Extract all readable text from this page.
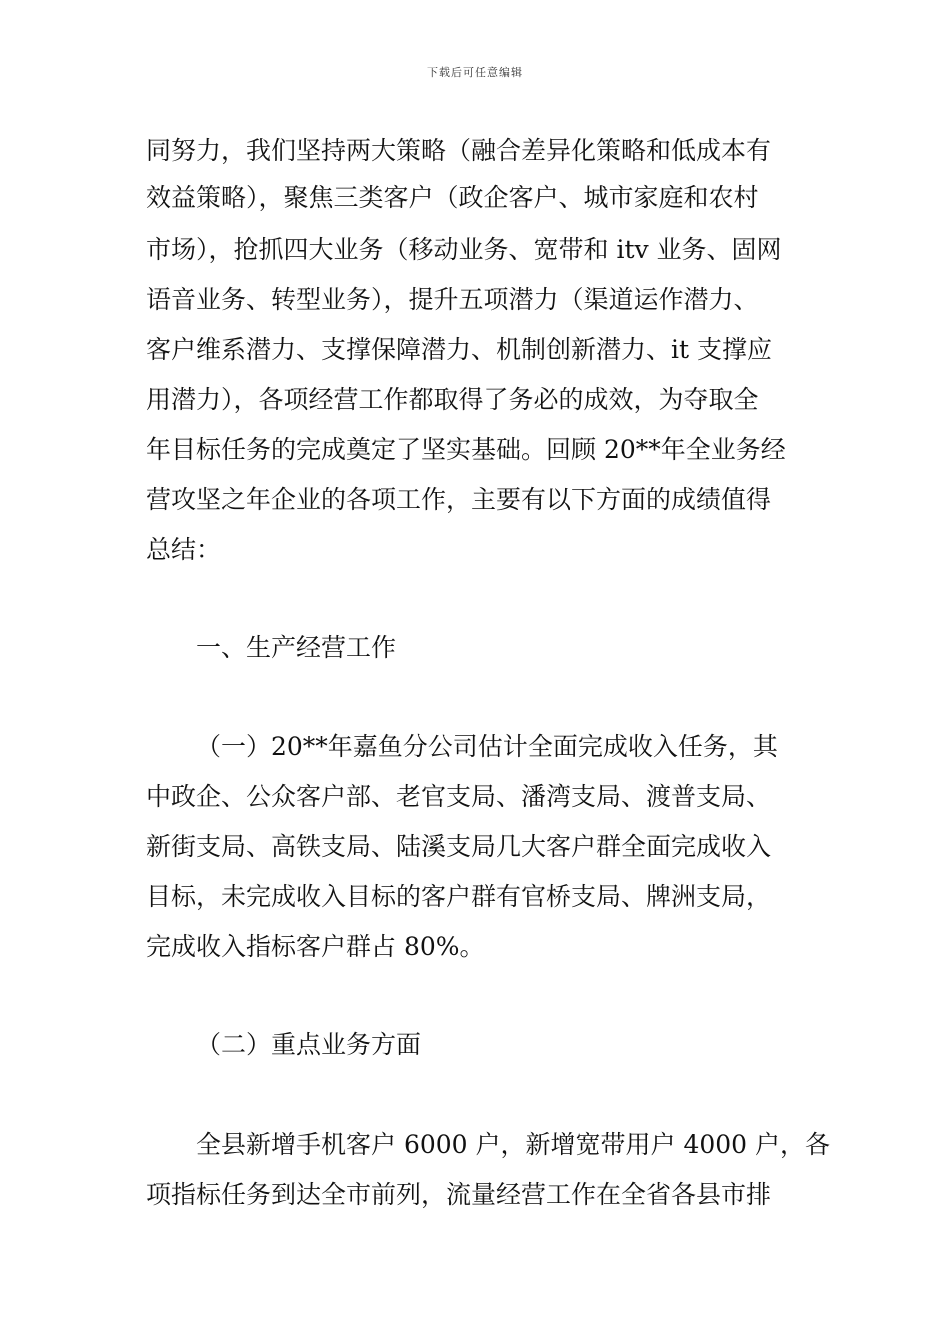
下载后可任意编辑
同努力，我们坚持两大策略（融合差异化策略和低成本有
效益策略），聚焦三类客户（政企客户、城市家庭和农村
市场），抢抓四大业务（移动业务、宽带和 itv 业务、固网
语音业务、转型业务），提升五项潜力（渠道运作潜力、
客户维系潜力、支撑保障潜力、机制创新潜力、it 支撑应
用潜力），各项经营工作都取得了务必的成效，为夺取全
年目标任务的完成奠定了坚实基础。回顾 20**年全业务经
营攻坚之年企业的各项工作，主要有以下方面的成绩值得
总结：
一、生产经营工作
（一）20**年嘉鱼分公司估计全面完成收入任务，其
中政企、公众客户部、老官支局、潘湾支局、渡普支局、
新街支局、高铁支局、陆溪支局几大客户群全面完成收入
目标，未完成收入目标的客户群有官桥支局、牌洲支局，
完成收入指标客户群占 80%。
（二）重点业务方面
全县新增手机客户 6000 户，新增宽带用户 4000 户，各
项指标任务到达全市前列，流量经营工作在全省各县市排
